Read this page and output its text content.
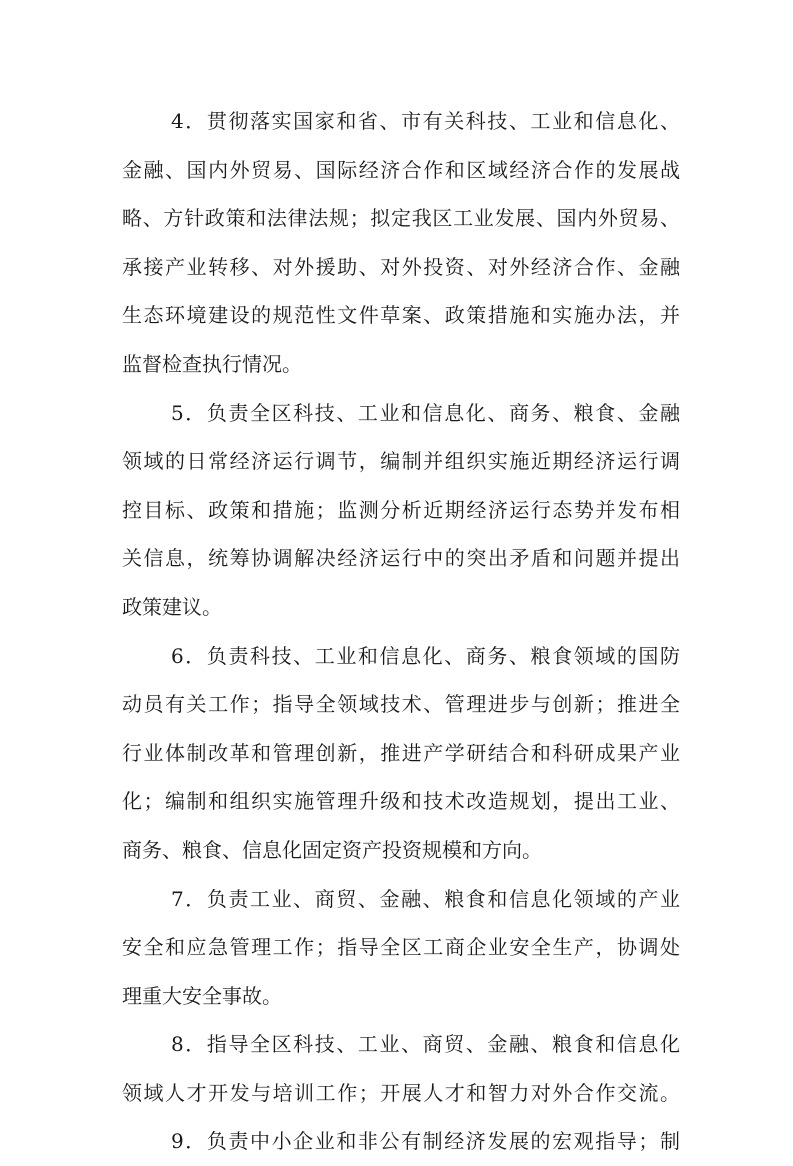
4．贯彻落实国家和省、市有关科技、工业和信息化、
金融、国内外贸易、国际经济合作和区域经济合作的发展战
略、方针政策和法律法规；拟定我区工业发展、国内外贸易、
承接产业转移、对外援助、对外投资、对外经济合作、金融
生态环境建设的规范性文件草案、政策措施和实施办法，并
监督检查执行情况。
5．负责全区科技、工业和信息化、商务、粮食、金融
领域的日常经济运行调节，编制并组织实施近期经济运行调
控目标、政策和措施；监测分析近期经济运行态势并发布相
关信息，统筹协调解决经济运行中的突出矛盾和问题并提出
政策建议。
6．负责科技、工业和信息化、商务、粮食领域的国防
动员有关工作；指导全领域技术、管理进步与创新；推进全
行业体制改革和管理创新，推进产学研结合和科研成果产业
化；编制和组织实施管理升级和技术改造规划，提出工业、
商务、粮食、信息化固定资产投资规模和方向。
7．负责工业、商贸、金融、粮食和信息化领域的产业
安全和应急管理工作；指导全区工商企业安全生产，协调处
理重大安全事故。
8．指导全区科技、工业、商贸、金融、粮食和信息化
领域人才开发与培训工作；开展人才和智力对外合作交流。
9．负责中小企业和非公有制经济发展的宏观指导；制
